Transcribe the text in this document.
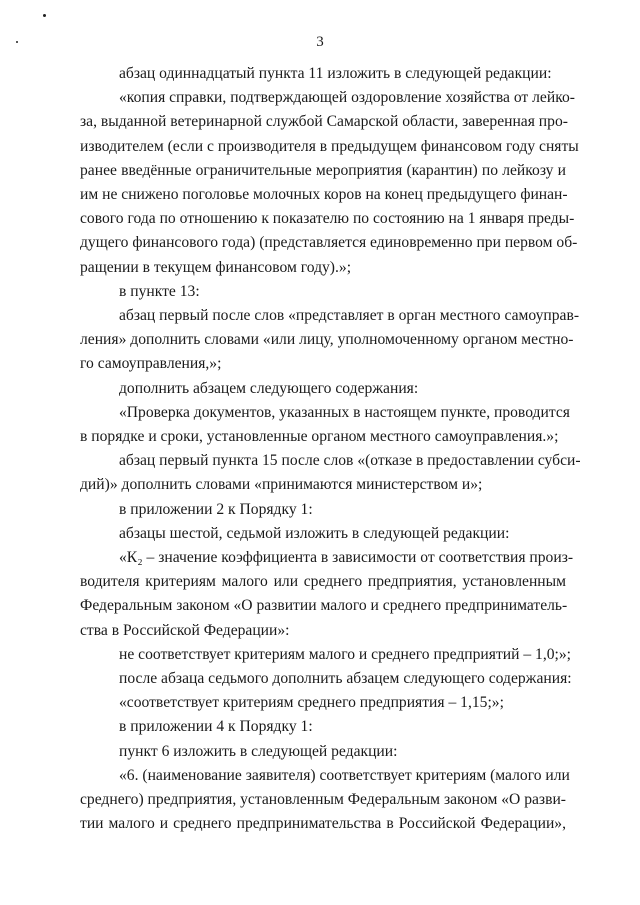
3
абзац одиннадцатый пункта 11 изложить в следующей редакции:
«копия справки, подтверждающей оздоровление хозяйства от лейко-
за, выданной ветеринарной службой Самарской области, заверенная про-
изводителем (если с производителя в предыдущем финансовом году сняты
ранее введённые ограничительные мероприятия (карантин) по лейкозу и
им не снижено поголовье молочных коров на конец предыдущего финан-
сового года по отношению к показателю по состоянию на 1 января преды-
дущего финансового года) (представляется единовременно при первом об-
ращении в текущем финансовом году).»;
в пункте 13:
абзац первый после слов «представляет в орган местного самоуправ-
ления» дополнить словами «или лицу, уполномоченному органом местно-
го самоуправления,»;
дополнить абзацем следующего содержания:
«Проверка документов, указанных в настоящем пункте, проводится
в порядке и сроки, установленные органом местного самоуправления.»;
абзац первый пункта 15 после слов «(отказе в предоставлении субси-
дий)» дополнить словами «принимаются министерством и»;
в приложении 2 к Порядку 1:
абзацы шестой, седьмой изложить в следующей редакции:
«К₂ – значение коэффициента в зависимости от соответствия произ-
водителя критериям малого или среднего предприятия, установленным
Федеральным законом «О развитии малого и среднего предприниматель-
ства в Российской Федерации»:
не соответствует критериям малого и среднего предприятий – 1,0;»;
после абзаца седьмого дополнить абзацем следующего содержания:
«соответствует критериям среднего предприятия – 1,15;»;
в приложении 4 к Порядку 1:
пункт 6 изложить в следующей редакции:
«6. (наименование заявителя) соответствует критериям (малого или
среднего) предприятия, установленным Федеральным законом «О разви-
тии малого и среднего предпринимательства в Российской Федерации»,
